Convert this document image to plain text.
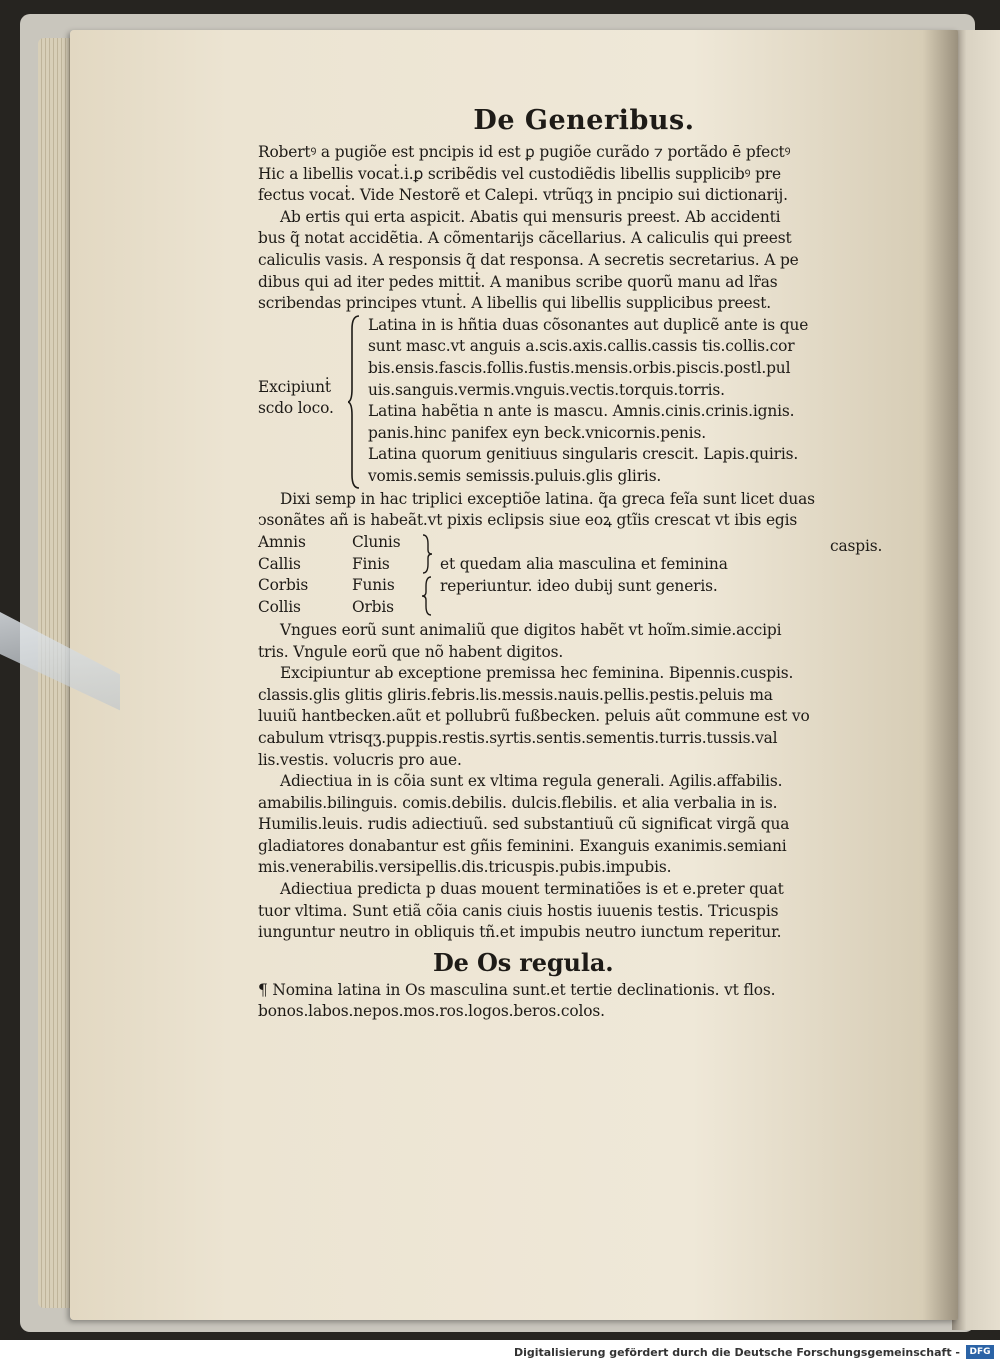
De Generibus.
Robertꝰ a pugiõe est pncipis id est ꝑ pugiõe curãdo ⁊ portãdo ē pfectꝰ
Hic a libellis vocaṫ.i.ꝑ scribẽdis vel custodiẽdis libellis supplicibꝰ pre
fectus vocaṫ. Vide Nestorẽ et Calepi. vtrũqʒ in pncipio sui dictionarij.
Ab ertis qui erta aspicit. Abatis qui mensuris preest. Ab accidenti
bus q̃ notat accidẽtia. A cõmentarijs cãcellarius. A caliculis qui preest
caliculis vasis. A responsis q̃ dat responsa. A secretis secretarius. A pe
dibus qui ad iter pedes mittiṫ. A manibus scribe quorũ manu ad lr̃as
scribendas principes vtunṫ. A libellis qui libellis supplicibus preest.
Excipiunṫ
scdo loco.
Latina in is hñtia duas cõsonantes aut duplicẽ ante is que
sunt masc.vt anguis a.scis.axis.callis.cassis tis.collis.cor
bis.ensis.fascis.follis.fustis.mensis.orbis.piscis.postl.pul
uis.sanguis.vermis.vnguis.vectis.torquis.torris.
Latina habẽtia n ante is mascu. Amnis.cinis.crinis.ignis.
panis.hinc panifex eyn beck.vnicornis.penis.
Latina quorum genitiuus singularis crescit. Lapis.quiris.
vomis.semis semissis.puluis.glis gliris.
Dixi semp in hac triplici exceptiõe latina. q̃a greca feĩa sunt licet duas
ↄsonãtes añ is habeãt.vt pixis eclipsis siue eoꝝ gtĩis crescat vt ibis egis
Amnis
Callis
Corbis
Collis
Clunis
Finis
Funis
Orbis
et quedam alia masculina et feminina
reperiuntur. ideo dubij sunt generis.
caspis.
Vngues eorũ sunt animaliũ que digitos habẽt vt hoĩm.simie.accipi
tris. Vngule eorũ que nõ habent digitos.
Excipiuntur ab exceptione premissa hec feminina. Bipennis.cuspis.
classis.glis glitis gliris.febris.lis.messis.nauis.pellis.pestis.peluis ma
luuiũ hantbecken.aũt et pollubrũ fußbecken. peluis aũt commune est vo
cabulum vtrisqʒ.puppis.restis.syrtis.sentis.sementis.turris.tussis.val
lis.vestis. volucris pro aue.
Adiectiua in is cõia sunt ex vltima regula generali. Agilis.affabilis.
amabilis.bilinguis. comis.debilis. dulcis.flebilis. et alia verbalia in is.
Humilis.leuis. rudis adiectiuũ. sed substantiuũ cũ significat virgã qua
gladiatores donabantur est gñis feminini. Exanguis exanimis.semiani
mis.venerabilis.versipellis.dis.tricuspis.pubis.impubis.
Adiectiua predicta p duas mouent terminatiões is et e.preter quat
tuor vltima. Sunt etiã cõia canis ciuis hostis iuuenis testis. Tricuspis
iunguntur neutro in obliquis tñ.et impubis neutro iunctum reperitur.
De Os regula.
¶ Nomina latina in Os masculina sunt.et tertie declinationis. vt flos.
bonos.labos.nepos.mos.ros.logos.beros.colos.
Digitalisierung gefördert durch die Deutsche Forschungsgemeinschaft -	DFG
